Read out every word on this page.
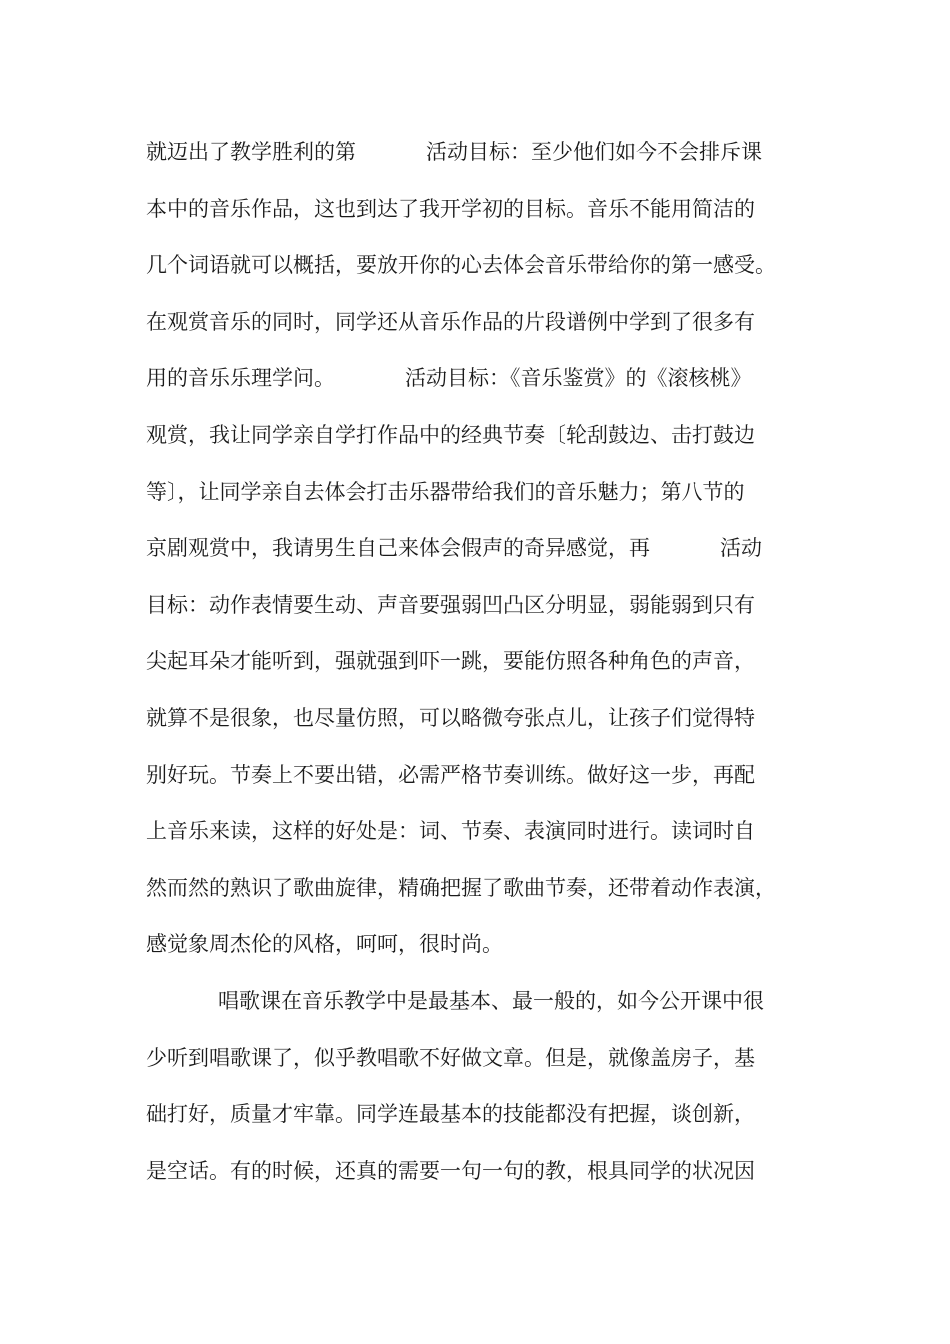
就迈出了教学胜利的第	活动目标：至少他们如今不会排斥课
本中的音乐作品，这也到达了我开学初的目标。音乐不能用简洁的
几个词语就可以概括，要放开你的心去体会音乐带给你的第一感受。
在观赏音乐的同时，同学还从音乐作品的片段谱例中学到了很多有
用的音乐乐理学问。	活动目标：《音乐鉴赏》的《滚核桃》
观赏，我让同学亲自学打作品中的经典节奏〔轮刮鼓边、击打鼓边
等〕，让同学亲自去体会打击乐器带给我们的音乐魅力；第八节的
京剧观赏中，我请男生自己来体会假声的奇异感觉，再	活动
目标：动作表情要生动、声音要强弱凹凸区分明显，弱能弱到只有
尖起耳朵才能听到，强就强到吓一跳，要能仿照各种角色的声音，
就算不是很象，也尽量仿照，可以略微夸张点儿，让孩子们觉得特
别好玩。节奏上不要出错，必需严格节奏训练。做好这一步，再配
上音乐来读，这样的好处是：词、节奏、表演同时进行。读词时自
然而然的熟识了歌曲旋律，精确把握了歌曲节奏，还带着动作表演，
感觉象周杰伦的风格，呵呵，很时尚。
唱歌课在音乐教学中是最基本、最一般的，如今公开课中很
少听到唱歌课了，似乎教唱歌不好做文章。但是，就像盖房子，基
础打好，质量才牢靠。同学连最基本的技能都没有把握，谈创新，
是空话。有的时候，还真的需要一句一句的教，根具同学的状况因
